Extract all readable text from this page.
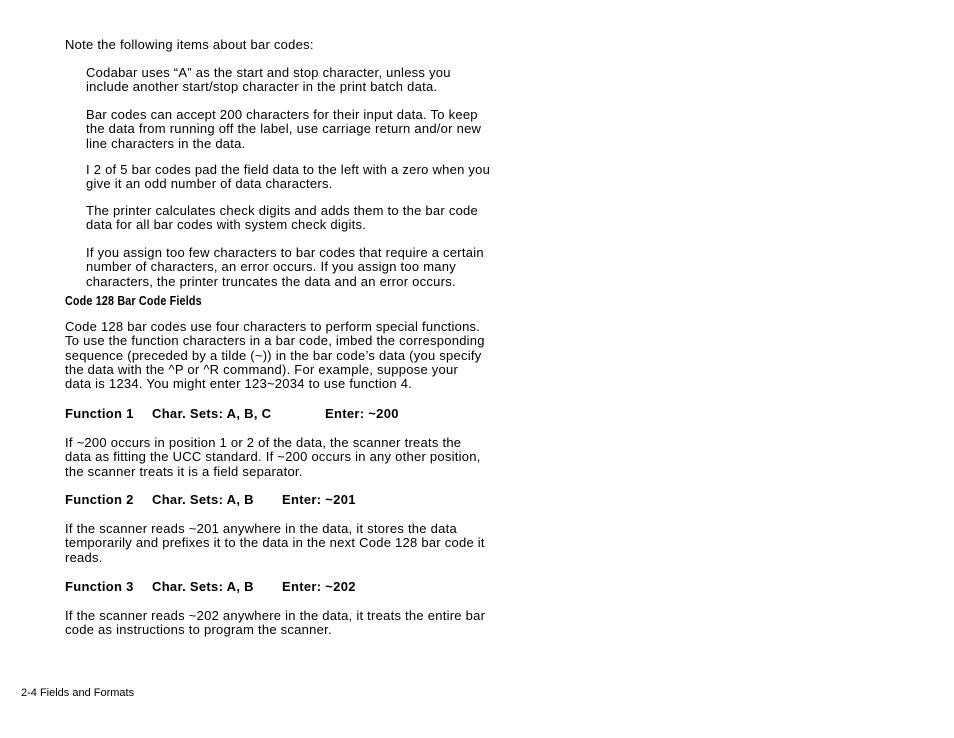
Note the following items about bar codes:

Codabar uses “A” as the start and stop character, unless you
include another start/stop character in the print batch data.

Bar codes can accept 200 characters for their input data. To keep
the data from running off the label, use carriage return and/or new
line characters in the data.

I 2 of 5 bar codes pad the field data to the left with a zero when you
give it an odd number of data characters.

The printer calculates check digits and adds them to the bar code
data for all bar codes with system check digits.

If you assign too few characters to bar codes that require a certain
number of characters, an error occurs. If you assign too many
characters, the printer truncates the data and an error occurs.

Code 128 Bar Code Fields

Code 128 bar codes use four characters to perform special functions.
To use the function characters in a bar code, imbed the corresponding
sequence (preceded by a tilde (~)) in the bar code’s data (you specify
the data with the ^P or ^R command). For example, suppose your
data is 1234. You might enter 123~2034 to use function 4.

Function 1 Char. Sets: A, B, C	Enter: ~200

If ~200 occurs in position 1 or 2 of the data, the scanner treats the
data as fitting the UCC standard. If ~200 occurs in any other position,
the scanner treats it is a field separator.

Function 2 Char. Sets: A, B Enter: ~201

If the scanner reads ~201 anywhere in the data, it stores the data
temporarily and prefixes it to the data in the next Code 128 bar code it
reads.

Function 3 Char. Sets: A, B Enter: ~202

If the scanner reads ~202 anywhere in the data, it treats the entire bar
code as instructions to program the scanner.

2-4 Fields and Formats
